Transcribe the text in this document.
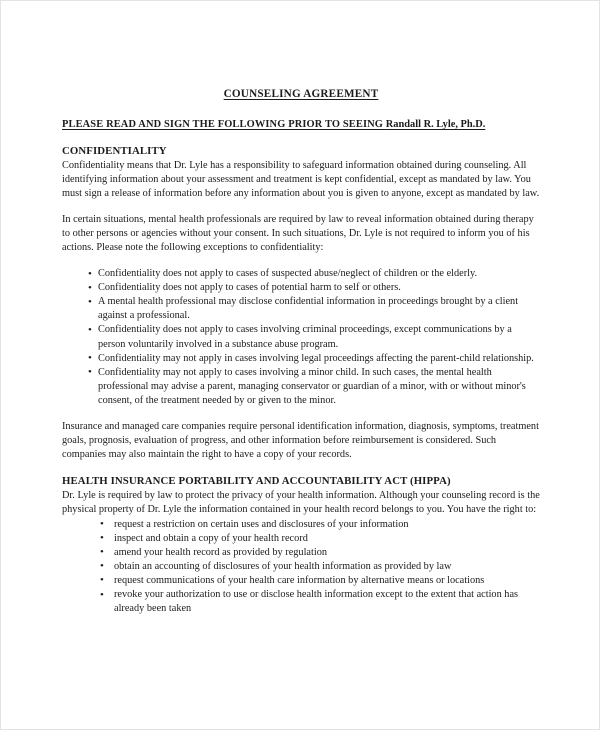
COUNSELING AGREEMENT
PLEASE READ AND SIGN THE FOLLOWING PRIOR TO SEEING Randall R. Lyle, Ph.D.
CONFIDENTIALITY

Confidentiality means that Dr. Lyle has a responsibility to safeguard information obtained during counseling. All identifying information about your assessment and treatment is kept confidential, except as mandated by law. You must sign a release of information before any information about you is given to anyone, except as mandated by law.

In certain situations, mental health professionals are required by law to reveal information obtained during therapy to other persons or agencies without your consent. In such situations, Dr. Lyle is not required to inform you of his actions. Please note the following exceptions to confidentiality:

• Confidentiality does not apply to cases of suspected abuse/neglect of children or the elderly.
• Confidentiality does not apply to cases of potential harm to self or others.
• A mental health professional may disclose confidential information in proceedings brought by a client against a professional.
• Confidentiality does not apply to cases involving criminal proceedings, except communications by a person voluntarily involved in a substance abuse program.
• Confidentiality may not apply in cases involving legal proceedings affecting the parent-child relationship.
• Confidentiality may not apply to cases involving a minor child. In such cases, the mental health professional may advise a parent, managing conservator or guardian of a minor, with or without minor's consent, of the treatment needed by or given to the minor.

Insurance and managed care companies require personal identification information, diagnosis, symptoms, treatment goals, prognosis, evaluation of progress, and other information before reimbursement is considered. Such companies may also maintain the right to have a copy of your records.

HEALTH INSURANCE PORTABILITY AND ACCOUNTABILITY ACT (HIPPA)

Dr. Lyle is required by law to protect the privacy of your health information. Although your counseling record is the physical property of Dr. Lyle the information contained in your health record belongs to you. You have the right to:

• request a restriction on certain uses and disclosures of your information
• inspect and obtain a copy of your health record
• amend your health record as provided by regulation
• obtain an accounting of disclosures of your health information as provided by law
• request communications of your health care information by alternative means or locations
• revoke your authorization to use or disclose health information except to the extent that action has already been taken
